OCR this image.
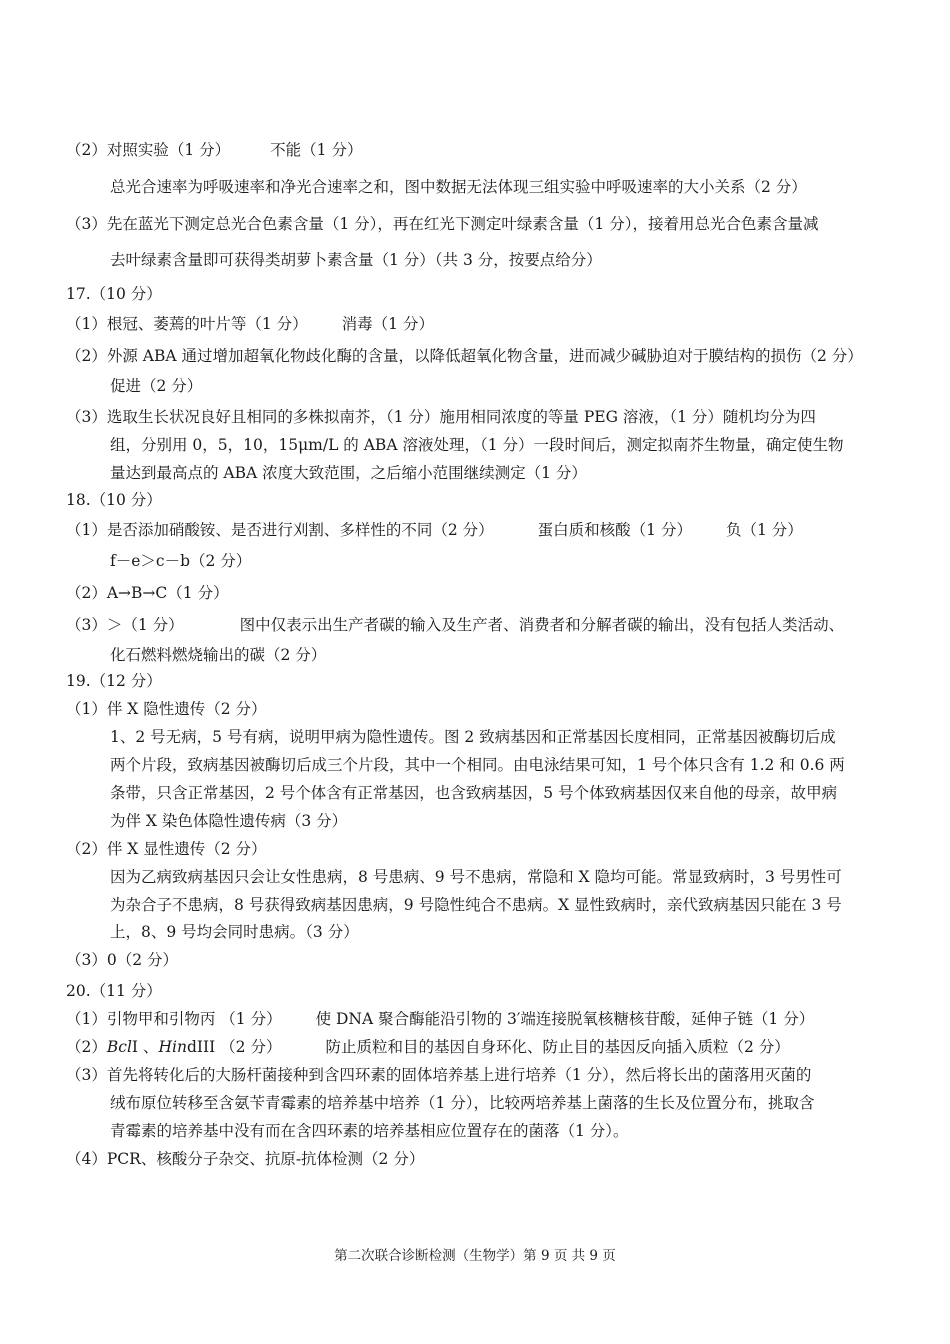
（2）对照实验（1 分）	不能（1 分）
总光合速率为呼吸速率和净光合速率之和，图中数据无法体现三组实验中呼吸速率的大小关系（2 分）
（3）先在蓝光下测定总光合色素含量（1 分），再在红光下测定叶绿素含量（1 分），接着用总光合色素含量减
去叶绿素含量即可获得类胡萝卜素含量（1 分）（共 3 分，按要点给分）
17.（10 分）
（1）根冠、萎蔫的叶片等（1 分） 消毒（1 分）
（2）外源 ABA 通过增加超氧化物歧化酶的含量，以降低超氧化物含量，进而减少碱胁迫对于膜结构的损伤（2 分）
促进（2 分）
（3）选取生长状况良好且相同的多株拟南芥，（1 分）施用相同浓度的等量 PEG 溶液，（1 分）随机均分为四
组，分别用 0，5，10，15μm/L 的 ABA 溶液处理，（1 分）一段时间后，测定拟南芥生物量，确定使生物
量达到最高点的 ABA 浓度大致范围，之后缩小范围继续测定（1 分）
18.（10 分）
（1）是否添加硝酸铵、是否进行刈割、多样性的不同（2 分）	蛋白质和核酸（1 分） 负（1 分）
f－e＞c－b（2 分）
（2）A→B→C（1 分）
（3）＞（1 分）	图中仅表示出生产者碳的输入及生产者、消费者和分解者碳的输出，没有包括人类活动、
化石燃料燃烧输出的碳（2 分）
19.（12 分）
（1）伴 X 隐性遗传（2 分）
1、2 号无病，5 号有病，说明甲病为隐性遗传。图 2 致病基因和正常基因长度相同，正常基因被酶切后成
两个片段，致病基因被酶切后成三个片段，其中一个相同。由电泳结果可知，1 号个体只含有 1.2 和 0.6 两
条带，只含正常基因，2 号个体含有正常基因，也含致病基因，5 号个体致病基因仅来自他的母亲，故甲病
为伴 X 染色体隐性遗传病（3 分）
（2）伴 X 显性遗传（2 分）
因为乙病致病基因只会让女性患病，8 号患病、9 号不患病，常隐和 X 隐均可能。常显致病时，3 号男性可
为杂合子不患病，8 号获得致病基因患病，9 号隐性纯合不患病。X 显性致病时，亲代致病基因只能在 3 号
上，8、9 号均会同时患病。（3 分）
（3）0（2 分）
20.（11 分）
（1）引物甲和引物丙 （1 分） 使 DNA 聚合酶能沿引物的 3′端连接脱氧核糖核苷酸，延伸子链（1 分）
（2）BclI 、HindIII （2 分）	防止质粒和目的基因自身环化、防止目的基因反向插入质粒（2 分）
（3）首先将转化后的大肠杆菌接种到含四环素的固体培养基上进行培养（1 分），然后将长出的菌落用灭菌的
绒布原位转移至含氨苄青霉素的培养基中培养（1 分），比较两培养基上菌落的生长及位置分布，挑取含
青霉素的培养基中没有而在含四环素的培养基相应位置存在的菌落（1 分）。
（4）PCR、核酸分子杂交、抗原-抗体检测（2 分）
第二次联合诊断检测（生物学）第 9 页 共 9 页
